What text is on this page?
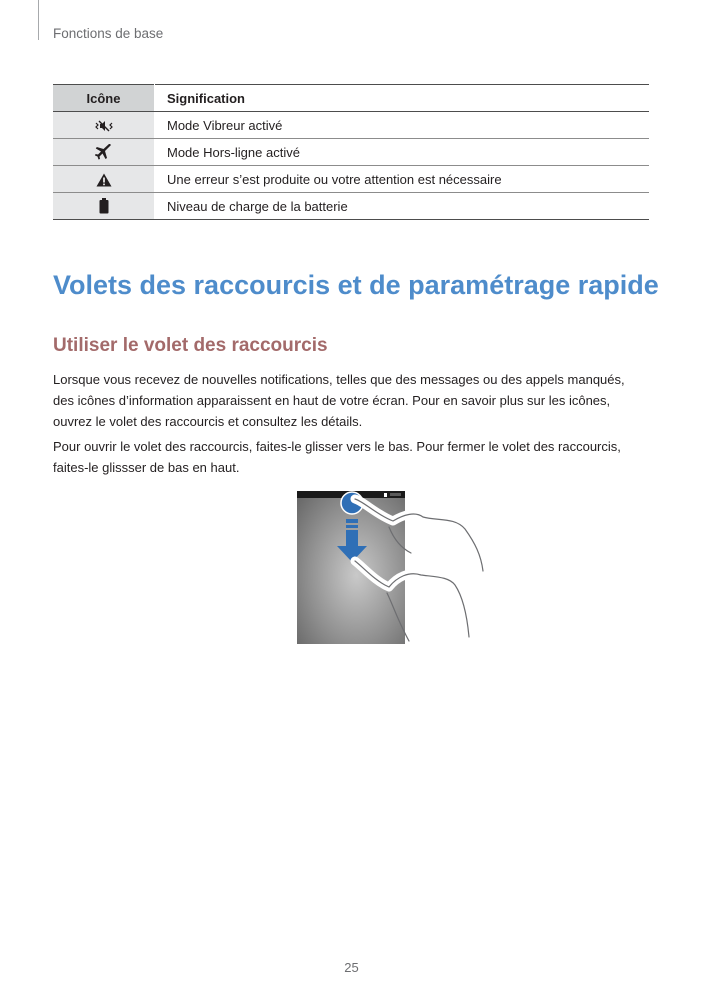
Fonctions de base
Icône	Signification
	Mode Vibreur activé
	Mode Hors-ligne activé
	Une erreur s’est produite ou votre attention est nécessaire
	Niveau de charge de la batterie
Volets des raccourcis et de paramétrage rapide
Utiliser le volet des raccourcis

Lorsque vous recevez de nouvelles notifications, telles que des messages ou des appels manqués, des icônes d’information apparaissent en haut de votre écran. Pour en savoir plus sur les icônes, ouvrez le volet des raccourcis et consultez les détails.

Pour ouvrir le volet des raccourcis, faites-le glisser vers le bas. Pour fermer le volet des raccourcis, faites-le glissser de bas en haut.

25
